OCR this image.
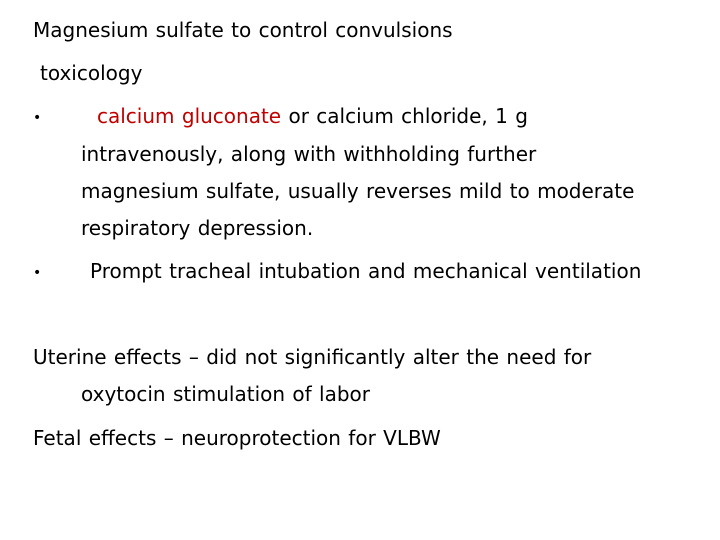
Magnesium sulfate to control convulsions
toxicology
•	calcium gluconate or calcium chloride, 1 g
intravenously, along with withholding further
magnesium sulfate, usually reverses mild to moderate
respiratory depression.
• Prompt tracheal intubation and mechanical ventilation
Uterine effects – did not significantly alter the need for
oxytocin stimulation of labor
Fetal effects – neuroprotection for VLBW
